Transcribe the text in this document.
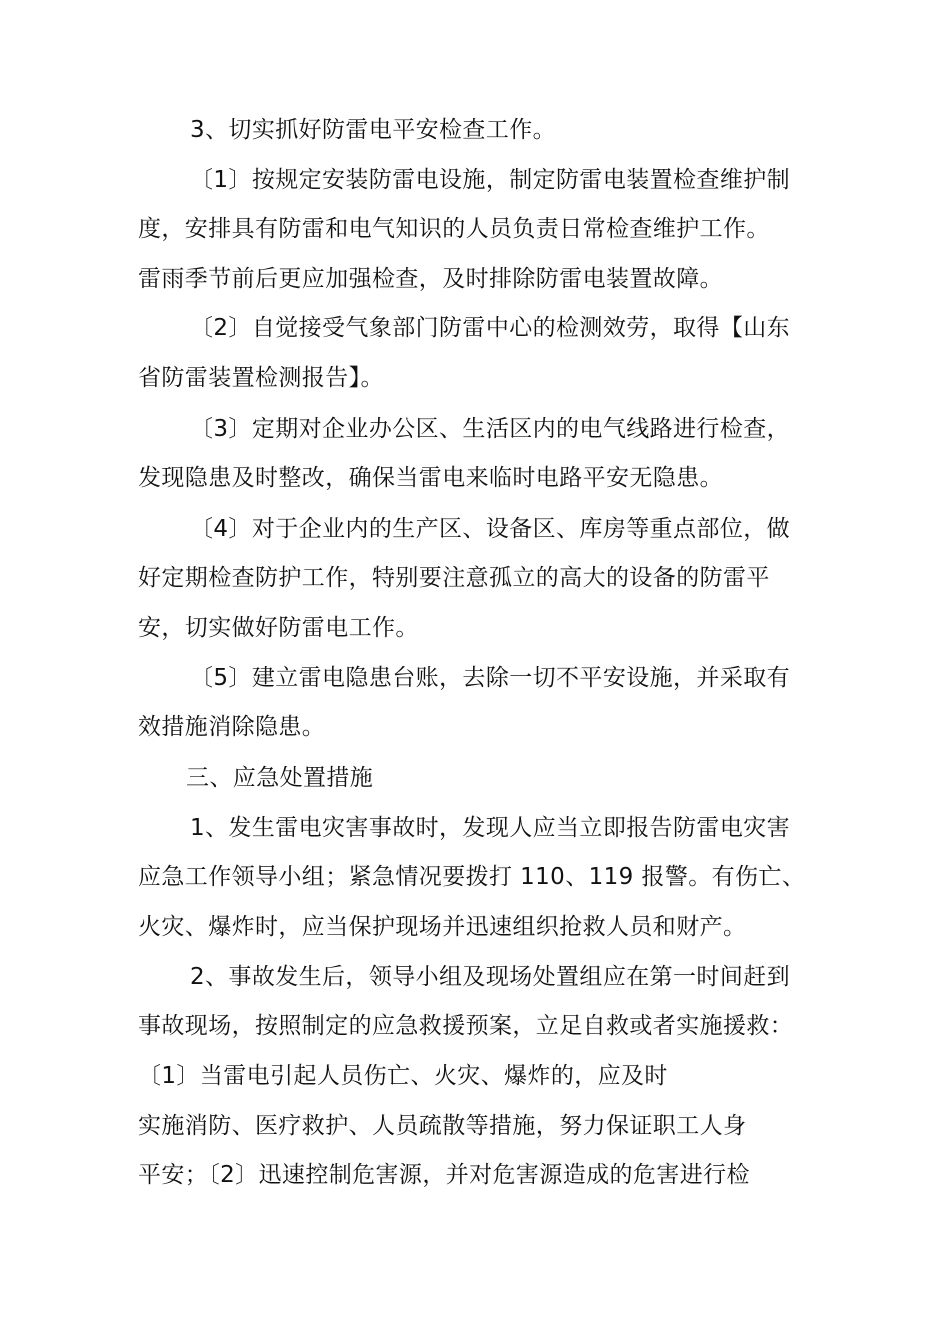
3、切实抓好防雷电平安检查工作。
〔1〕按规定安装防雷电设施，制定防雷电装置检查维护制
度，安排具有防雷和电气知识的人员负责日常检查维护工作。
雷雨季节前后更应加强检查，及时排除防雷电装置故障。
〔2〕自觉接受气象部门防雷中心的检测效劳，取得【山东
省防雷装置检测报告】。
〔3〕定期对企业办公区、生活区内的电气线路进行检查，
发现隐患及时整改，确保当雷电来临时电路平安无隐患。
〔4〕对于企业内的生产区、设备区、库房等重点部位，做
好定期检查防护工作，特别要注意孤立的高大的设备的防雷平
安，切实做好防雷电工作。
〔5〕建立雷电隐患台账，去除一切不平安设施，并采取有
效措施消除隐患。
三、应急处置措施
1、发生雷电灾害事故时，发现人应当立即报告防雷电灾害
应急工作领导小组；紧急情况要拨打 110、119 报警。有伤亡、
火灾、爆炸时，应当保护现场并迅速组织抢救人员和财产。
2、事故发生后，领导小组及现场处置组应在第一时间赶到
事故现场，按照制定的应急救援预案，立足自救或者实施援救：
〔1〕当雷电引起人员伤亡、火灾、爆炸的，应及时
实施消防、医疗救护、人员疏散等措施，努力保证职工人身
平安；〔2〕迅速控制危害源，并对危害源造成的危害进行检
